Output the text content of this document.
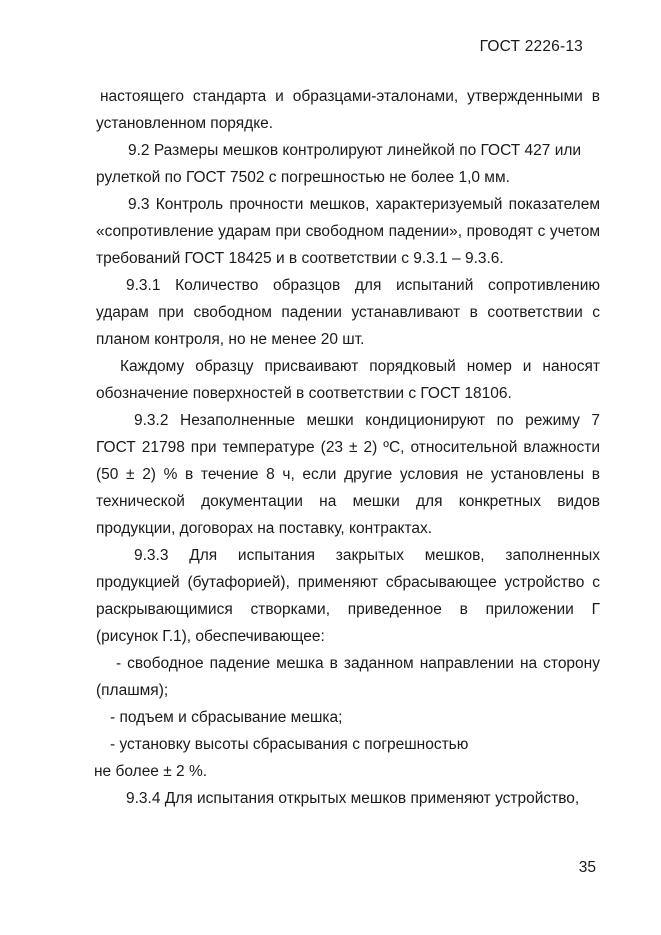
ГОСТ 2226-13
настоящего стандарта и образцами-эталонами, утвержденными в
установленном порядке.
9.2 Размеры мешков контролируют линейкой по ГОСТ 427 или
рулеткой по ГОСТ 7502 с погрешностью не более 1,0 мм.
9.3 Контроль прочности мешков, характеризуемый показателем
«сопротивление ударам при свободном падении», проводят с учетом
требований ГОСТ 18425 и в соответствии с 9.3.1 – 9.3.6.
9.3.1 Количество образцов для испытаний сопротивлению
ударам при свободном падении устанавливают в соответствии с
планом контроля, но не менее 20 шт.
Каждому образцу присваивают порядковый номер и наносят
обозначение поверхностей в соответствии с ГОСТ 18106.
9.3.2 Незаполненные мешки кондиционируют по режиму 7
ГОСТ 21798 при температуре (23 ± 2) ºС, относительной влажности
(50 ± 2) % в течение 8 ч, если другие условия не установлены в
технической документации на мешки для конкретных видов
продукции, договорах на поставку, контрактах.
9.3.3 Для испытания закрытых мешков, заполненных
продукцией (бутафорией), применяют сбрасывающее устройство с
раскрывающимися створками, приведенное в приложении Г
(рисунок Г.1), обеспечивающее:
- свободное падение мешка в заданном направлении на сторону
(плашмя);
- подъем и сбрасывание мешка;
- установку высоты сбрасывания с погрешностью
не более ± 2 %.
9.3.4 Для испытания открытых мешков применяют устройство,
35
